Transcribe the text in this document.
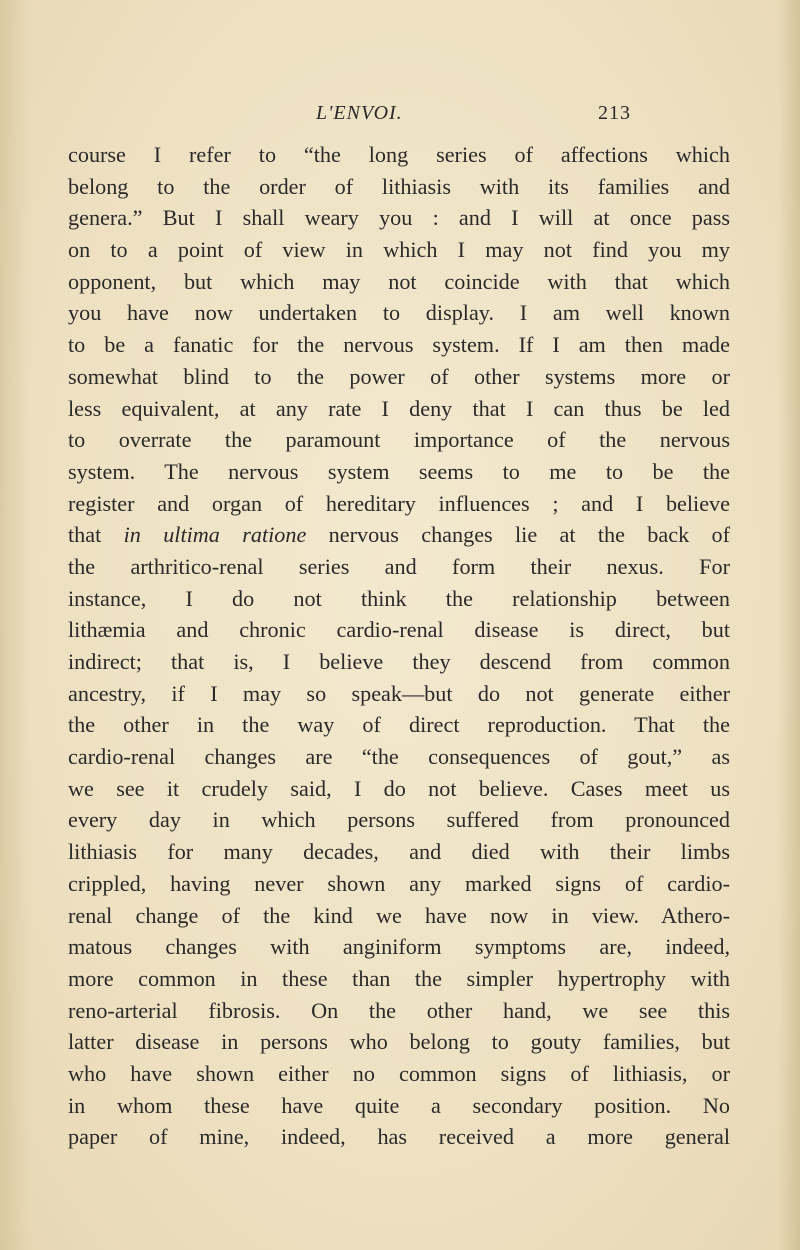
L'ENVOI.	213
course I refer to “the long series of affections which
belong to the order of lithiasis with its families and
genera.” But I shall weary you : and I will at once pass
on to a point of view in which I may not find you my
opponent, but which may not coincide with that which
you have now undertaken to display. I am well known
to be a fanatic for the nervous system. If I am then made
somewhat blind to the power of other systems more or
less equivalent, at any rate I deny that I can thus be led
to overrate the paramount importance of the nervous
system. The nervous system seems to me to be the
register and organ of hereditary influences ; and I believe
that in ultima ratione nervous changes lie at the back of
the arthritico-renal series and form their nexus. For
instance, I do not think the relationship between
lithæmia and chronic cardio-renal disease is direct, but
indirect; that is, I believe they descend from common
ancestry, if I may so speak—but do not generate either
the other in the way of direct reproduction. That the
cardio-renal changes are “the consequences of gout,” as
we see it crudely said, I do not believe. Cases meet us
every day in which persons suffered from pronounced
lithiasis for many decades, and died with their limbs
crippled, having never shown any marked signs of cardio-
renal change of the kind we have now in view. Athero-
matous changes with anginiform symptoms are, indeed,
more common in these than the simpler hypertrophy with
reno-arterial fibrosis. On the other hand, we see this
latter disease in persons who belong to gouty families, but
who have shown either no common signs of lithiasis, or
in whom these have quite a secondary position. No
paper of mine, indeed, has received a more general
